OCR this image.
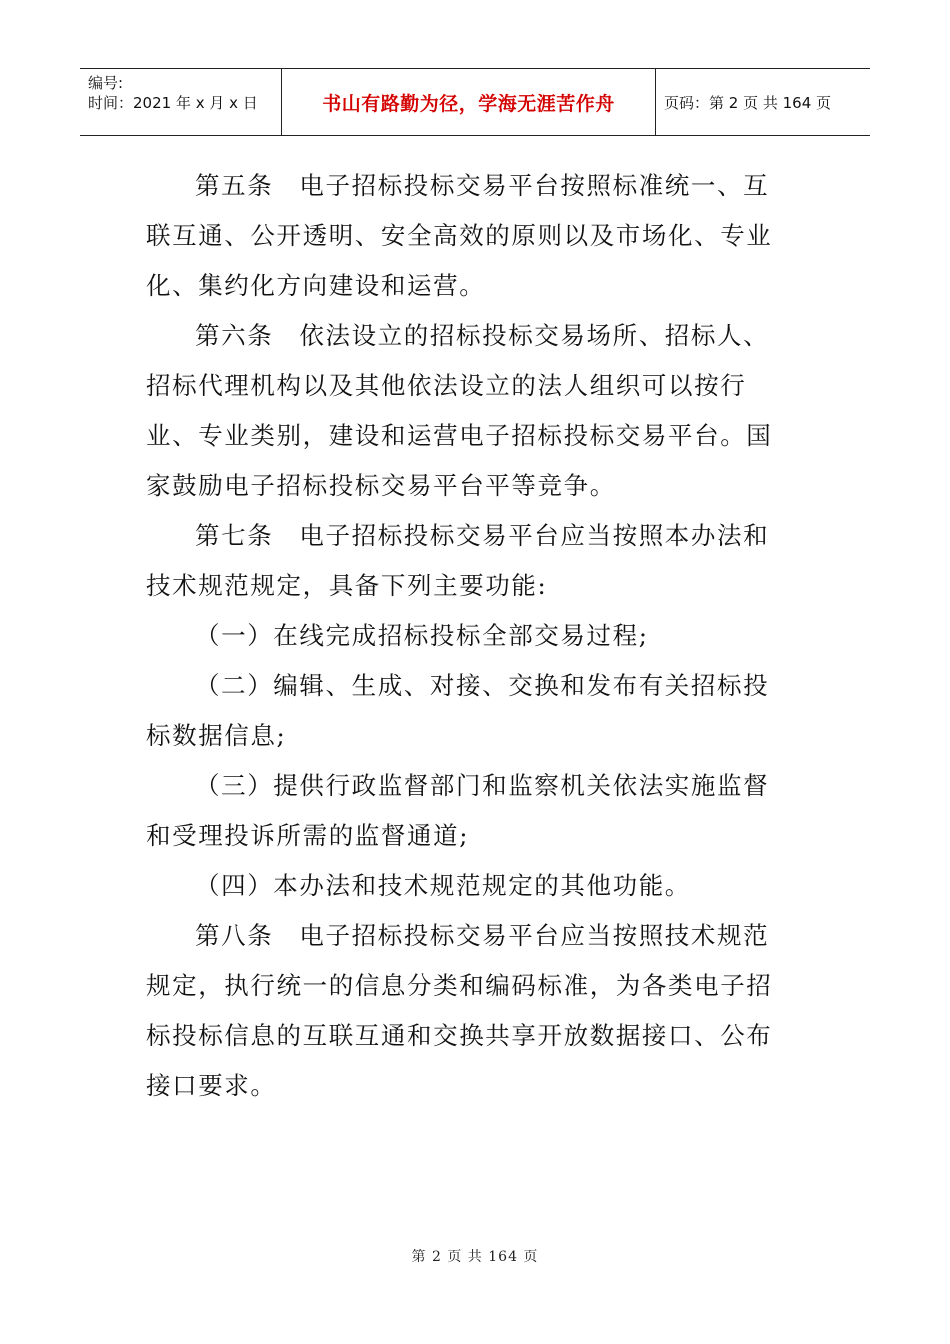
编号:
时间：2021 年 x 月 x 日	书山有路勤为径，学海无涯苦作舟	页码：第 2 页 共 164 页

第五条　电子招标投标交易平台按照标准统一、互联互通、公开透明、安全高效的原则以及市场化、专业化、集约化方向建设和运营。

第六条　依法设立的招标投标交易场所、招标人、招标代理机构以及其他依法设立的法人组织可以按行业、专业类别，建设和运营电子招标投标交易平台。国家鼓励电子招标投标交易平台平等竞争。

第七条　电子招标投标交易平台应当按照本办法和技术规范规定，具备下列主要功能:

（一）在线完成招标投标全部交易过程;

（二）编辑、生成、对接、交换和发布有关招标投标数据信息;

（三）提供行政监督部门和监察机关依法实施监督和受理投诉所需的监督通道;

（四）本办法和技术规范规定的其他功能。

第八条　电子招标投标交易平台应当按照技术规范规定，执行统一的信息分类和编码标准，为各类电子招标投标信息的互联互通和交换共享开放数据接口、公布接口要求。

第 2 页 共 164 页
